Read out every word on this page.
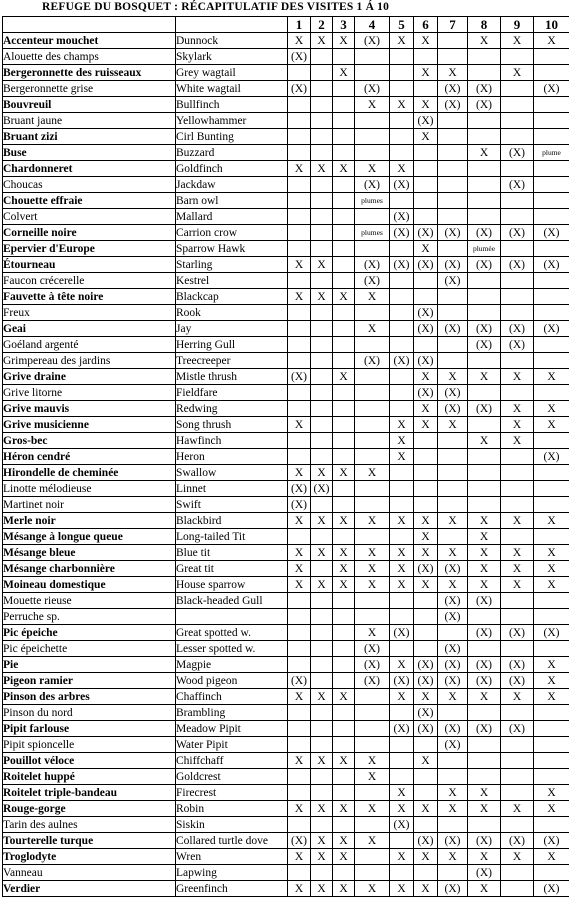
REFUGE DU BOSQUET : RÉCAPITULATIF DES VISITES 1 Á 10
		1	2	3	4	5	6	7	8	9	10
Accenteur mouchet	Dunnock	X	X	X	(X)	X	X		X	X	X
Alouette des champs	Skylark	(X)									
Bergeronnette des ruisseaux	Grey wagtail			X			X	X		X	
Bergeronnette grise	White wagtail	(X)			(X)			(X)	(X)		(X)
Bouvreuil	Bullfinch				X	X	X	(X)	(X)		
Bruant jaune	Yellowhammer						(X)				
Bruant zizi	Cirl Bunting						X				
Buse	Buzzard								X	(X)	plume
Chardonneret	Goldfinch	X	X	X	X	X					
Choucas	Jackdaw				(X)	(X)				(X)	
Chouette effraie	Barn owl				plumes						
Colvert	Mallard					(X)					
Corneille noire	Carrion crow				plumes	(X)	(X)	(X)	(X)	(X)	(X)
Epervier d'Europe	Sparrow Hawk						X		plumée		
Étourneau	Starling	X	X		(X)	(X)	(X)	(X)	(X)	(X)	(X)
Faucon crécerelle	Kestrel				(X)			(X)			
Fauvette à tête noire	Blackcap	X	X	X	X						
Freux	Rook						(X)				
Geai	Jay				X		(X)	(X)	(X)	(X)	(X)
Goéland argenté	Herring Gull								(X)	(X)	
Grimpereau des jardins	Treecreeper				(X)	(X)	(X)				
Grive draine	Mistle thrush	(X)		X			X	X	X	X	X
Grive litorne	Fieldfare						(X)	(X)			
Grive mauvis	Redwing						X	(X)	(X)	X	X
Grive musicienne	Song thrush	X				X	X	X		X	X
Gros-bec	Hawfinch					X			X	X	
Héron cendré	Heron					X					(X)
Hirondelle de cheminée	Swallow	X	X	X	X						
Linotte mélodieuse	Linnet	(X)	(X)								
Martinet noir	Swift	(X)									
Merle noir	Blackbird	X	X	X	X	X	X	X	X	X	X
Mésange à longue queue	Long-tailed Tit						X		X		
Mésange bleue	Blue tit	X	X	X	X	X	X	X	X	X	X
Mésange charbonnière	Great tit	X		X	X	X	(X)	(X)	X	X	X
Moineau domestique	House sparrow	X	X	X	X	X	X	X	X	X	X
Mouette rieuse	Black-headed Gull							(X)	(X)		
Perruche sp.								(X)			
Pic épeiche	Great spotted w.				X	(X)			(X)	(X)	(X)
Pic épeichette	Lesser spotted w.				(X)			(X)			
Pie	Magpie				(X)	X	(X)	(X)	(X)	(X)	X
Pigeon ramier	Wood pigeon	(X)			(X)	(X)	(X)	(X)	(X)	(X)	X
Pinson des arbres	Chaffinch	X	X	X		X	X	X	X	X	X
Pinson du nord	Brambling						(X)				
Pipit farlouse	Meadow Pipit					(X)	(X)	(X)	(X)	(X)	
Pipit spioncelle	Water Pipit							(X)			
Pouillot véloce	Chiffchaff	X	X	X	X		X				
Roitelet huppé	Goldcrest				X						
Roitelet triple-bandeau	Firecrest					X		X	X		X
Rouge-gorge	Robin	X	X	X	X	X	X	X	X	X	X
Tarin des aulnes	Siskin					(X)					
Tourterelle turque	Collared turtle dove	(X)	X	X	X		(X)	(X)	(X)	(X)	(X)
Troglodyte	Wren	X	X	X		X	X	X	X	X	X
Vanneau	Lapwing								(X)		
Verdier	Greenfinch	X	X	X	X	X	X	(X)	X		(X)
